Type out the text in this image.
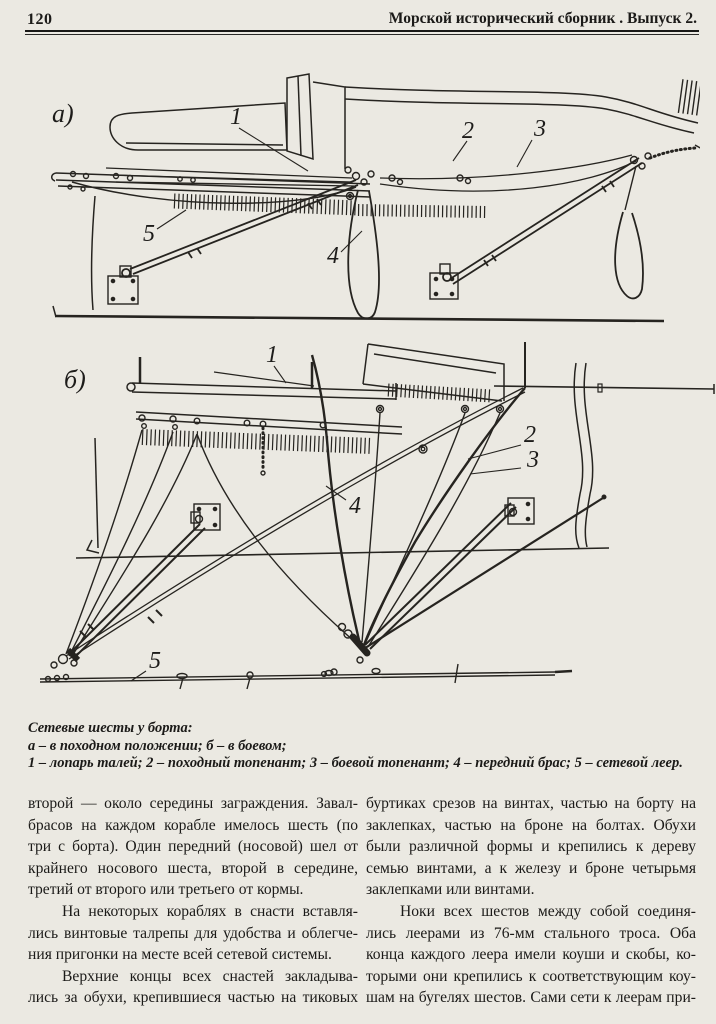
120	Морской исторический сборник . Выпуск 2.
а)	1
2	3
4
5
б)
1
2
3
4
5
Сетевые шесты у борта:
а – в походном положении; б – в боевом;
1 – лопарь талей; 2 – походный топенант; 3 – боевой топенант; 4 – передний брас; 5 – сетевой леер.
второй — около середины заграждения. Завал-
брасов на каждом корабле имелось шесть (по
три с борта). Один передний (носовой) шел от
крайнего носового шеста, второй в середине,
третий от второго или третьего от кормы.
На некоторых кораблях в снасти вставля-
лись винтовые талрепы для удобства и облегче-
ния пригонки на месте всей сетевой системы.
Верхние концы всех снастей закладыва-
лись за обухи, крепившиеся частью на тиковых
буртиках срезов на винтах, частью на борту на
заклепках, частью на броне на болтах. Обухи
были различной формы и крепились к дереву
семью винтами, а к железу и броне четырьмя
заклепками или винтами.
Ноки всех шестов между собой соединя-
лись леерами из 76-мм стального троса. Оба
конца каждого леера имели коуши и скобы, ко-
торыми они крепились к соответствующим коу-
шам на бугелях шестов. Сами сети к леерам при-
